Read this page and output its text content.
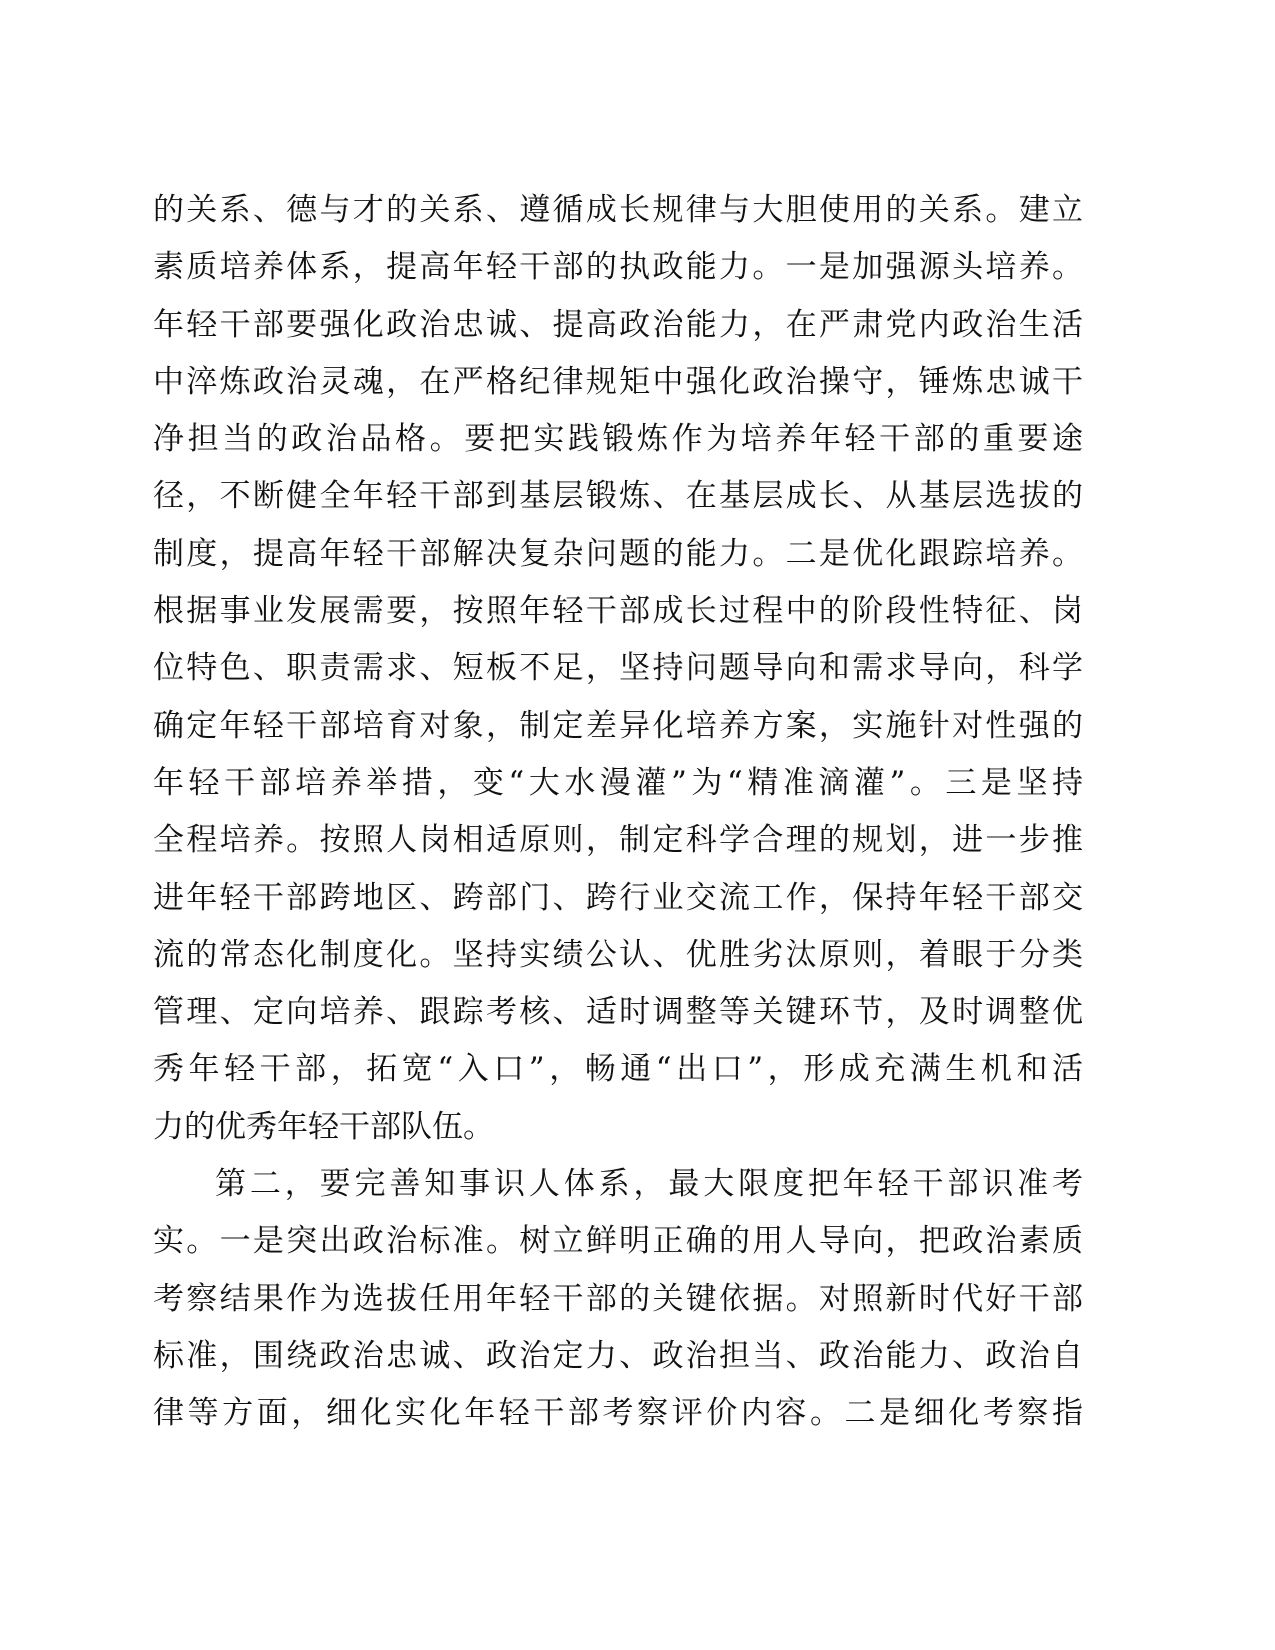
的关系、德与才的关系、遵循成长规律与大胆使用的关系。建立
素质培养体系，提高年轻干部的执政能力。一是加强源头培养。
年轻干部要强化政治忠诚、提高政治能力，在严肃党内政治生活
中淬炼政治灵魂，在严格纪律规矩中强化政治操守，锤炼忠诚干
净担当的政治品格。要把实践锻炼作为培养年轻干部的重要途
径，不断健全年轻干部到基层锻炼、在基层成长、从基层选拔的
制度，提高年轻干部解决复杂问题的能力。二是优化跟踪培养。
根据事业发展需要，按照年轻干部成长过程中的阶段性特征、岗
位特色、职责需求、短板不足，坚持问题导向和需求导向，科学
确定年轻干部培育对象，制定差异化培养方案，实施针对性强的
年轻干部培养举措，变“大水漫灌”为“精准滴灌”。三是坚持
全程培养。按照人岗相适原则，制定科学合理的规划，进一步推
进年轻干部跨地区、跨部门、跨行业交流工作，保持年轻干部交
流的常态化制度化。坚持实绩公认、优胜劣汰原则，着眼于分类
管理、定向培养、跟踪考核、适时调整等关键环节，及时调整优
秀年轻干部，拓宽“入口”，畅通“出口”，形成充满生机和活
力的优秀年轻干部队伍。
第二，要完善知事识人体系，最大限度把年轻干部识准考
实。一是突出政治标准。树立鲜明正确的用人导向，把政治素质
考察结果作为选拔任用年轻干部的关键依据。对照新时代好干部
标准，围绕政治忠诚、政治定力、政治担当、政治能力、政治自
律等方面，细化实化年轻干部考察评价内容。二是细化考察指
